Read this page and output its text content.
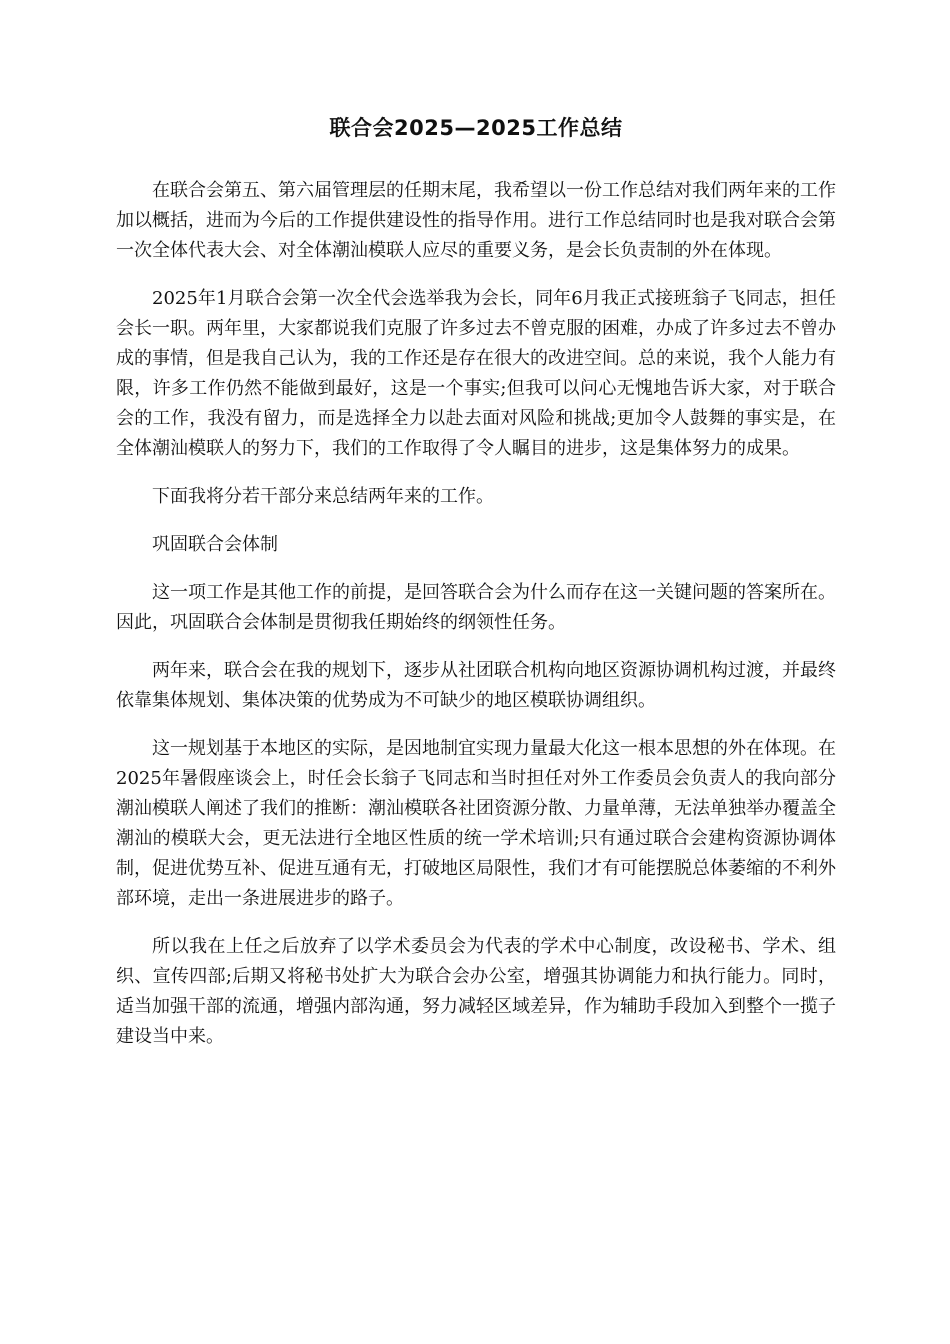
联合会2025—2025工作总结

在联合会第五、第六届管理层的任期末尾，我希望以一份工作总结对我们两年来的工作加以概括，进而为今后的工作提供建设性的指导作用。进行工作总结同时也是我对联合会第一次全体代表大会、对全体潮汕模联人应尽的重要义务，是会长负责制的外在体现。

2025年1月联合会第一次全代会选举我为会长，同年6月我正式接班翁子飞同志，担任会长一职。两年里，大家都说我们克服了许多过去不曾克服的困难，办成了许多过去不曾办成的事情，但是我自己认为，我的工作还是存在很大的改进空间。总的来说，我个人能力有限，许多工作仍然不能做到最好，这是一个事实;但我可以问心无愧地告诉大家，对于联合会的工作，我没有留力，而是选择全力以赴去面对风险和挑战;更加令人鼓舞的事实是，在全体潮汕模联人的努力下，我们的工作取得了令人瞩目的进步，这是集体努力的成果。

下面我将分若干部分来总结两年来的工作。

巩固联合会体制

这一项工作是其他工作的前提，是回答联合会为什么而存在这一关键问题的答案所在。因此，巩固联合会体制是贯彻我任期始终的纲领性任务。

两年来，联合会在我的规划下，逐步从社团联合机构向地区资源协调机构过渡，并最终依靠集体规划、集体决策的优势成为不可缺少的地区模联协调组织。

这一规划基于本地区的实际，是因地制宜实现力量最大化这一根本思想的外在体现。在2025年暑假座谈会上，时任会长翁子飞同志和当时担任对外工作委员会负责人的我向部分潮汕模联人阐述了我们的推断：潮汕模联各社团资源分散、力量单薄，无法单独举办覆盖全潮汕的模联大会，更无法进行全地区性质的统一学术培训;只有通过联合会建构资源协调体制，促进优势互补、促进互通有无，打破地区局限性，我们才有可能摆脱总体萎缩的不利外部环境，走出一条进展进步的路子。

所以我在上任之后放弃了以学术委员会为代表的学术中心制度，改设秘书、学术、组织、宣传四部;后期又将秘书处扩大为联合会办公室，增强其协调能力和执行能力。同时，适当加强干部的流通，增强内部沟通，努力减轻区域差异，作为辅助手段加入到整个一揽子建设当中来。
